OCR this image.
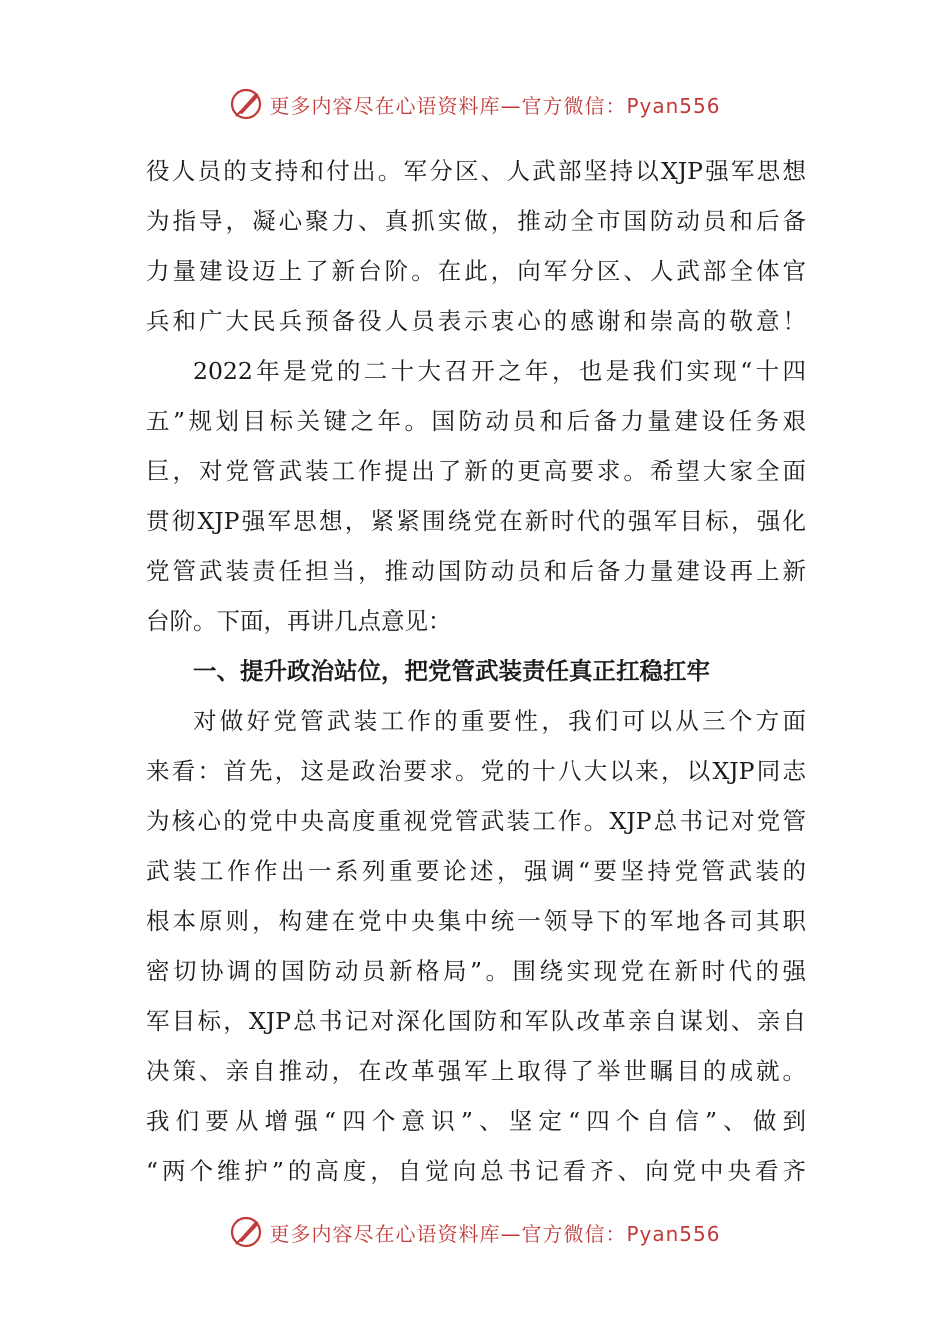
更多内容尽在心语资料库—官方微信：Pyan556
役人员的支持和付出。军分区、人武部坚持以XJP强军思想
为指导，凝心聚力、真抓实做，推动全市国防动员和后备
力量建设迈上了新台阶。在此，向军分区、人武部全体官
兵和广大民兵预备役人员表示衷心的感谢和崇高的敬意！
2022年是党的二十大召开之年，也是我们实现“十四
五”规划目标关键之年。国防动员和后备力量建设任务艰
巨，对党管武装工作提出了新的更高要求。希望大家全面
贯彻XJP强军思想，紧紧围绕党在新时代的强军目标，强化
党管武装责任担当，推动国防动员和后备力量建设再上新
台阶。下面，再讲几点意见：
一、提升政治站位，把党管武装责任真正扛稳扛牢
对做好党管武装工作的重要性，我们可以从三个方面
来看：首先，这是政治要求。党的十八大以来，以XJP同志
为核心的党中央高度重视党管武装工作。XJP总书记对党管
武装工作作出一系列重要论述，强调“要坚持党管武装的
根本原则，构建在党中央集中统一领导下的军地各司其职
密切协调的国防动员新格局”。围绕实现党在新时代的强
军目标，XJP总书记对深化国防和军队改革亲自谋划、亲自
决策、亲自推动，在改革强军上取得了举世瞩目的成就。
我们要从增强“四个意识”、坚定“四个自信”、做到
“两个维护”的高度，自觉向总书记看齐、向党中央看齐
更多内容尽在心语资料库—官方微信：Pyan556
